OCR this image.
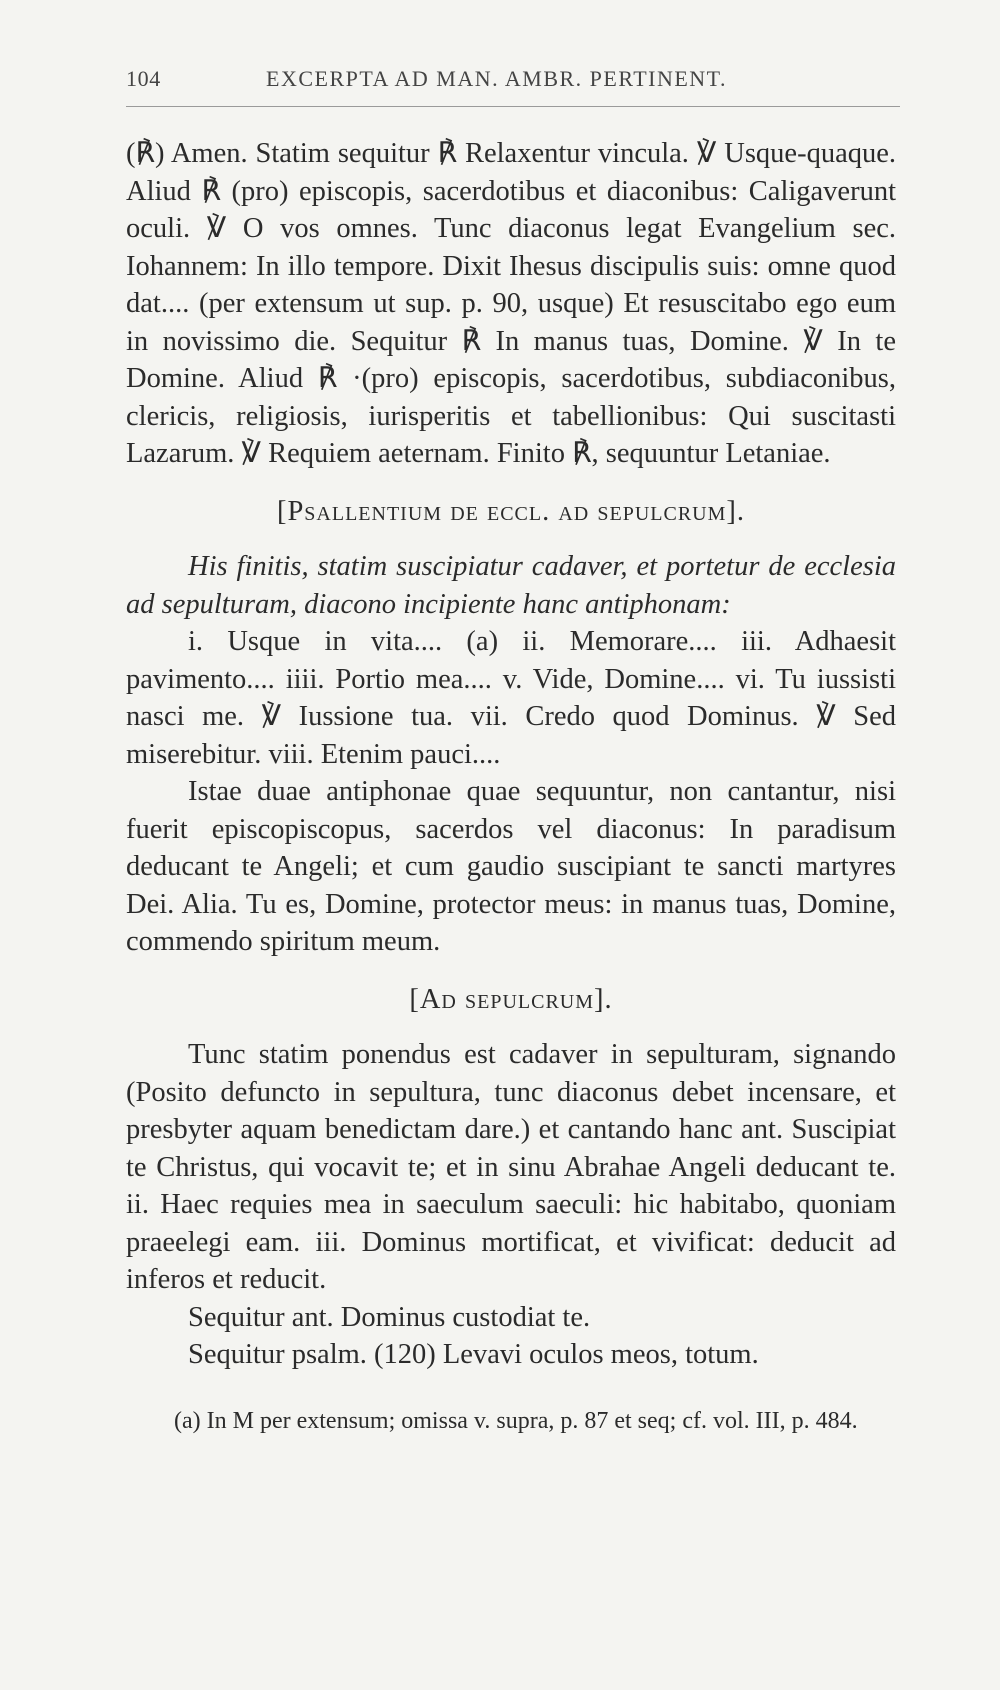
104	EXCERPTA AD MAN. AMBR. PERTINENT.

(℟) Amen. Statim sequitur ℟ Relaxentur vincula. ℣ Usque-quaque. Aliud ℟ (pro) episcopis, sacerdotibus et diaconibus: Caligaverunt oculi. ℣ O vos omnes. Tunc diaconus legat Evangelium sec. Iohannem: In illo tempore. Dixit Ihesus discipulis suis: omne quod dat.... (per extensum ut sup. p. 90, usque) Et resuscitabo ego eum in novissimo die. Sequitur ℟ In manus tuas, Domine. ℣ In te Domine. Aliud ℟ ·(pro) episcopis, sacerdotibus, subdiaconibus, clericis, religiosis, iurisperitis et tabellionibus: Qui suscitasti Lazarum. ℣ Requiem aeternam. Finito ℟, sequuntur Letaniae.

[Psallentium de eccl. ad sepulcrum].

His finitis, statim suscipiatur cadaver, et portetur de ecclesia ad sepulturam, diacono incipiente hanc antiphonam:

i. Usque in vita.... (a) ii. Memorare.... iii. Adhaesit pavimento.... iiii. Portio mea.... v. Vide, Domine.... vi. Tu iussisti nasci me. ℣ Iussione tua. vii. Credo quod Dominus. ℣ Sed miserebitur. viii. Etenim pauci....

Istae duae antiphonae quae sequuntur, non cantantur, nisi fuerit episcopiscopus, sacerdos vel diaconus: In paradisum deducant te Angeli; et cum gaudio suscipiant te sancti martyres Dei. Alia. Tu es, Domine, protector meus: in manus tuas, Domine, commendo spiritum meum.

[Ad sepulcrum].

Tunc statim ponendus est cadaver in sepulturam, signando (Posito defuncto in sepultura, tunc diaconus debet incensare, et presbyter aquam benedictam dare.) et cantando hanc ant. Suscipiat te Christus, qui vocavit te; et in sinu Abrahae Angeli deducant te. ii. Haec requies mea in saeculum saeculi: hic habitabo, quoniam praeelegi eam. iii. Dominus mortificat, et vivificat: deducit ad inferos et reducit.

Sequitur ant. Dominus custodiat te.

Sequitur psalm. (120) Levavi oculos meos, totum.

(a) In M per extensum; omissa v. supra, p. 87 et seq; cf. vol. III, p. 484.
